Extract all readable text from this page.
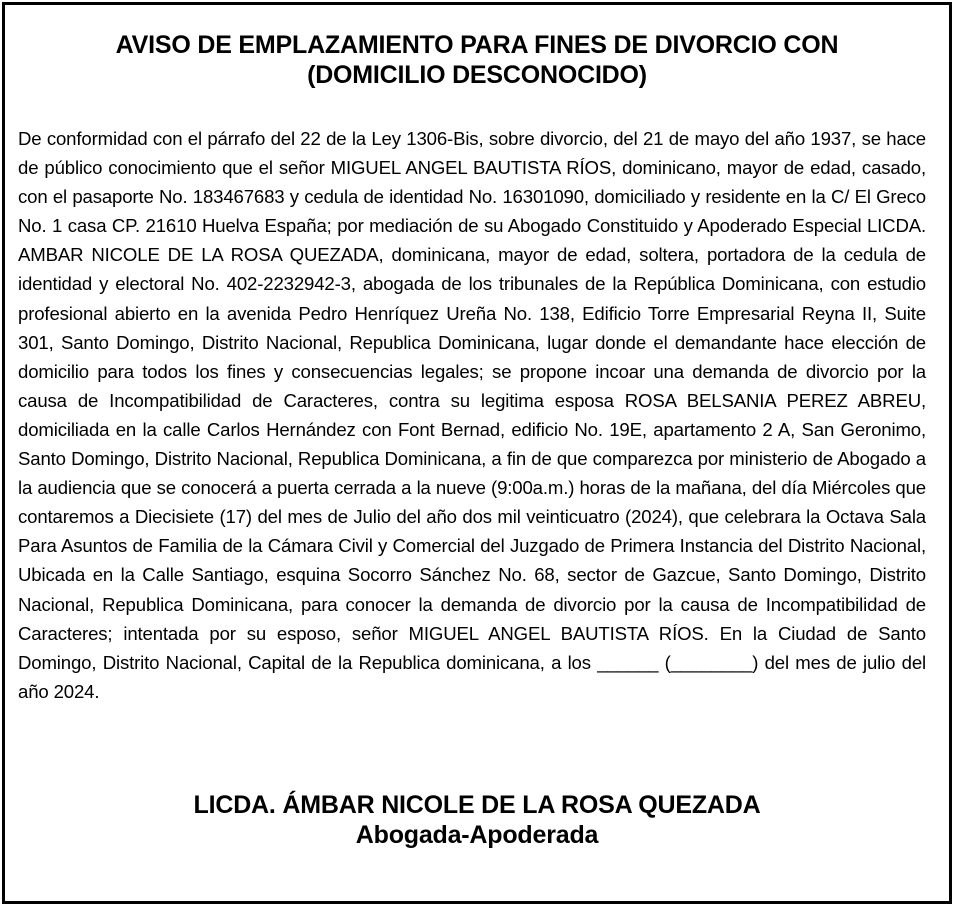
AVISO DE EMPLAZAMIENTO PARA FINES DE DIVORCIO CON
(DOMICILIO DESCONOCIDO)

De conformidad con el párrafo del 22 de la Ley 1306-Bis, sobre divorcio, del 21 de mayo del año 1937, se hace de público conocimiento que el señor MIGUEL ANGEL BAUTISTA RÍOS, dominicano, mayor de edad, casado, con el pasaporte No. 183467683 y cedula de identidad No. 16301090, domiciliado y residente en la C/ El Greco No. 1 casa CP. 21610 Huelva España; por mediación de su Abogado Constituido y Apoderado Especial LICDA. AMBAR NICOLE DE LA ROSA QUEZADA, dominicana, mayor de edad, soltera, portadora de la cedula de identidad y electoral No. 402-2232942-3, abogada de los tribunales de la República Dominicana, con estudio profesional abierto en la avenida Pedro Henríquez Ureña No. 138, Edificio Torre Empresarial Reyna II, Suite 301, Santo Domingo, Distrito Nacional, Republica Dominicana, lugar donde el demandante hace elección de domicilio para todos los fines y consecuencias legales; se propone incoar una demanda de divorcio por la causa de Incompatibilidad de Caracteres, contra su legitima esposa ROSA BELSANIA PEREZ ABREU, domiciliada en la calle Carlos Hernández con Font Bernad, edificio No. 19E, apartamento 2 A, San Geronimo, Santo Domingo, Distrito Nacional, Republica Dominicana, a fin de que comparezca por ministerio de Abogado a la audiencia que se conocerá a puerta cerrada a la nueve (9:00a.m.) horas de la mañana, del día Miércoles que contaremos a Diecisiete (17) del mes de Julio del año dos mil veinticuatro (2024), que celebrara la Octava Sala Para Asuntos de Familia de la Cámara Civil y Comercial del Juzgado de Primera Instancia del Distrito Nacional, Ubicada en la Calle Santiago, esquina Socorro Sánchez No. 68, sector de Gazcue, Santo Domingo, Distrito Nacional, Republica Dominicana, para conocer la demanda de divorcio por la causa de Incompatibilidad de Caracteres; intentada por su esposo, señor MIGUEL ANGEL BAUTISTA RÍOS. En la Ciudad de Santo Domingo, Distrito Nacional, Capital de la Republica dominicana, a los ______ (________) del mes de julio del año 2024.

LICDA. ÁMBAR NICOLE DE LA ROSA QUEZADA
Abogada-Apoderada
